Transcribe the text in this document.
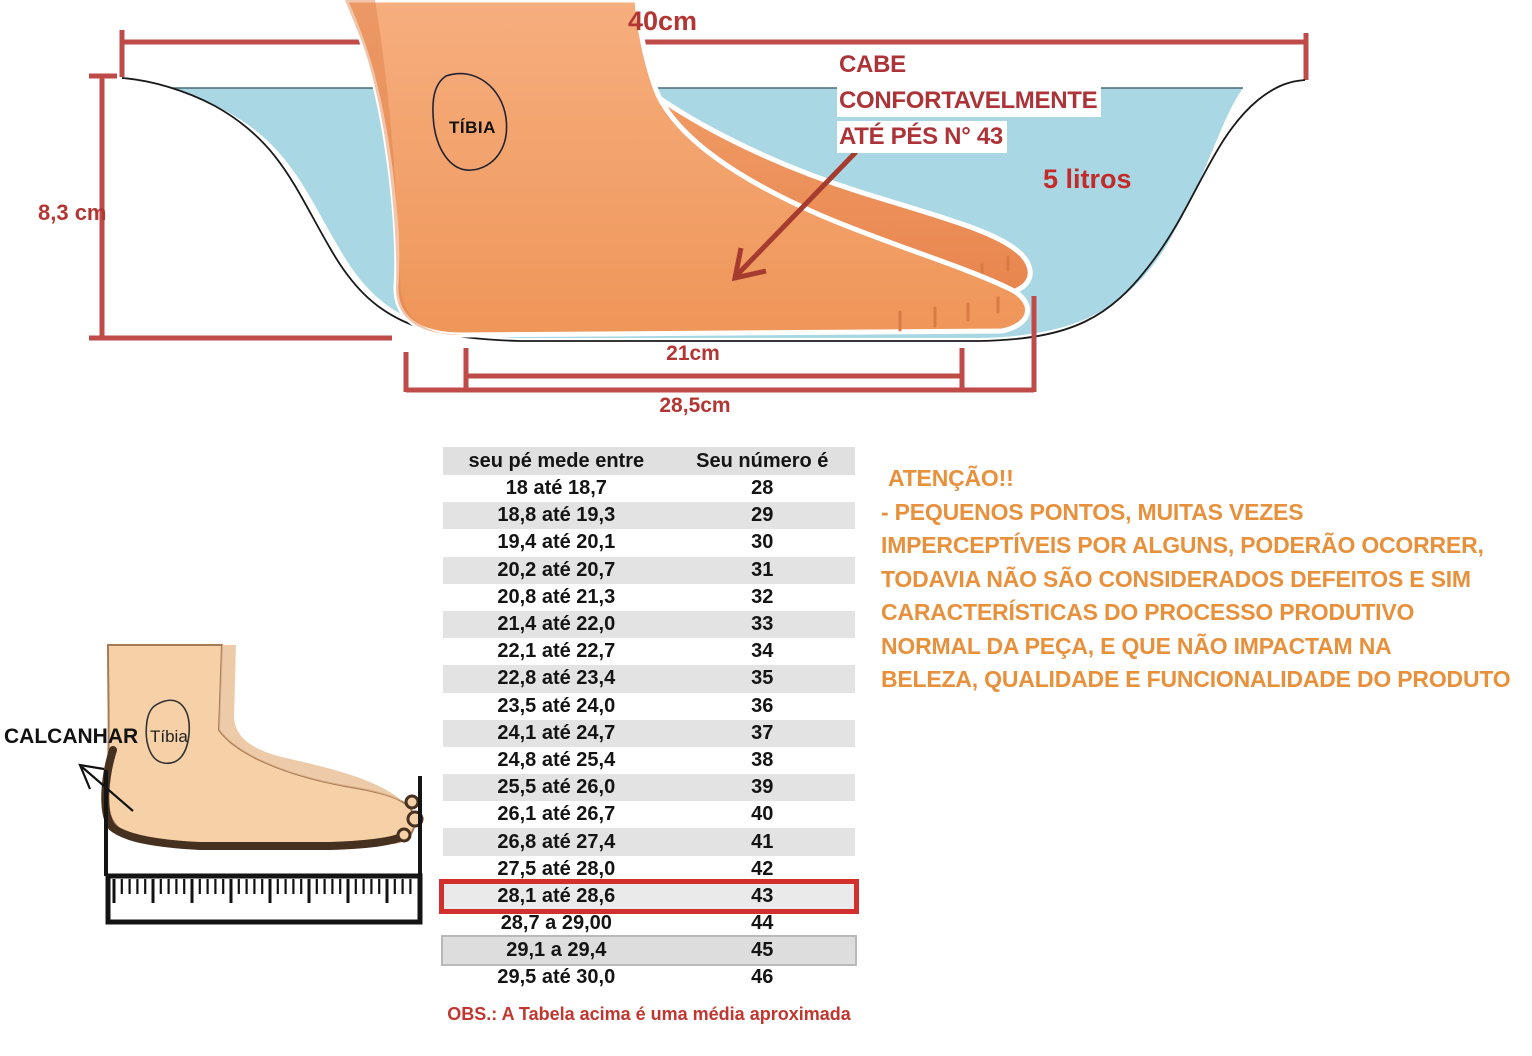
40cm
8,3 cm
21cm
28,5cm
CABE
CONFORTAVELMENTE
ATÉ PÉS N° 43
5 litros
TÍBIA
CALCANHAR Tíbia
seu pé mede entre	Seu número é
18 até 18,7	28
18,8 até 19,3	29
19,4 até 20,1	30
20,2 até 20,7	31
20,8 até 21,3	32
21,4 até 22,0	33
22,1 até 22,7	34
22,8 até 23,4	35
23,5 até 24,0	36
24,1 até 24,7	37
24,8 até 25,4	38
25,5 até 26,0	39
26,1 até 26,7	40
26,8 até 27,4	41
27,5 até 28,0	42
28,1 até 28,6	43
28,7 a 29,00	44
29,1 a 29,4	45
29,5 até 30,0	46
OBS.: A Tabela acima é uma média aproximada
ATENÇÃO!!
- PEQUENOS PONTOS, MUITAS VEZES
IMPERCEPTÍVEIS POR ALGUNS, PODERÃO OCORRER,
TODAVIA NÃO SÃO CONSIDERADOS DEFEITOS E SIM
CARACTERÍSTICAS DO PROCESSO PRODUTIVO
NORMAL DA PEÇA, E QUE NÃO IMPACTAM NA
BELEZA, QUALIDADE E FUNCIONALIDADE DO PRODUTO
